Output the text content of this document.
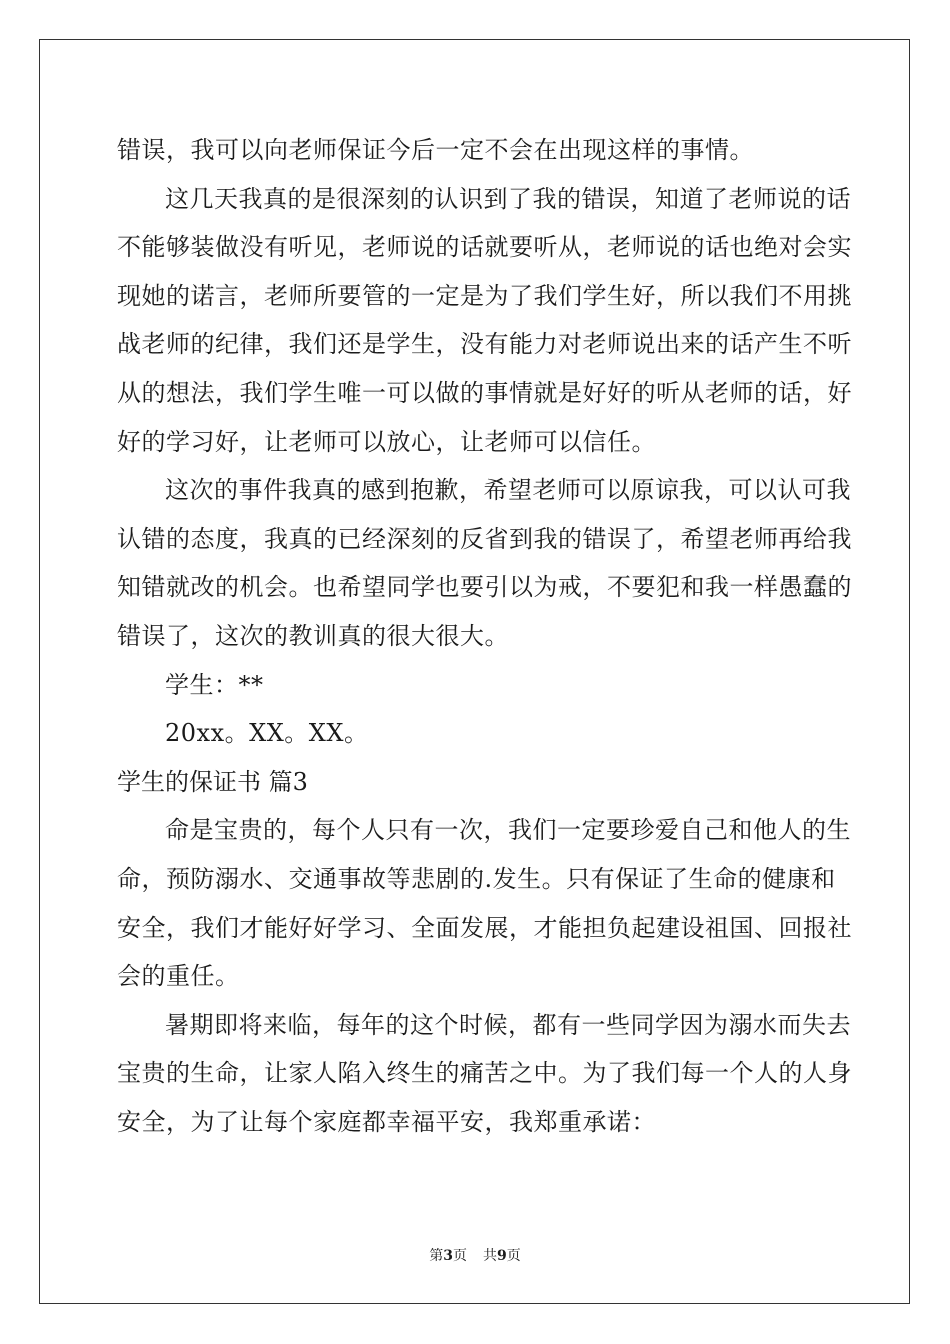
错误，我可以向老师保证今后一定不会在出现这样的事情。
这几天我真的是很深刻的认识到了我的错误，知道了老师说的话
不能够装做没有听见，老师说的话就要听从，老师说的话也绝对会实
现她的诺言，老师所要管的一定是为了我们学生好，所以我们不用挑
战老师的纪律，我们还是学生，没有能力对老师说出来的话产生不听
从的想法，我们学生唯一可以做的事情就是好好的听从老师的话，好
好的学习好，让老师可以放心，让老师可以信任。
这次的事件我真的感到抱歉，希望老师可以原谅我，可以认可我
认错的态度，我真的已经深刻的反省到我的错误了，希望老师再给我
知错就改的机会。也希望同学也要引以为戒，不要犯和我一样愚蠢的
错误了，这次的教训真的很大很大。
学生：**
20xx。XX。XX。
学生的保证书 篇3
命是宝贵的，每个人只有一次，我们一定要珍爱自己和他人的生
命，预防溺水、交通事故等悲剧的.发生。只有保证了生命的健康和
安全，我们才能好好学习、全面发展，才能担负起建设祖国、回报社
会的重任。
暑期即将来临，每年的这个时候，都有一些同学因为溺水而失去
宝贵的生命，让家人陷入终生的痛苦之中。为了我们每一个人的人身
安全，为了让每个家庭都幸福平安，我郑重承诺：
第3页 共9页
